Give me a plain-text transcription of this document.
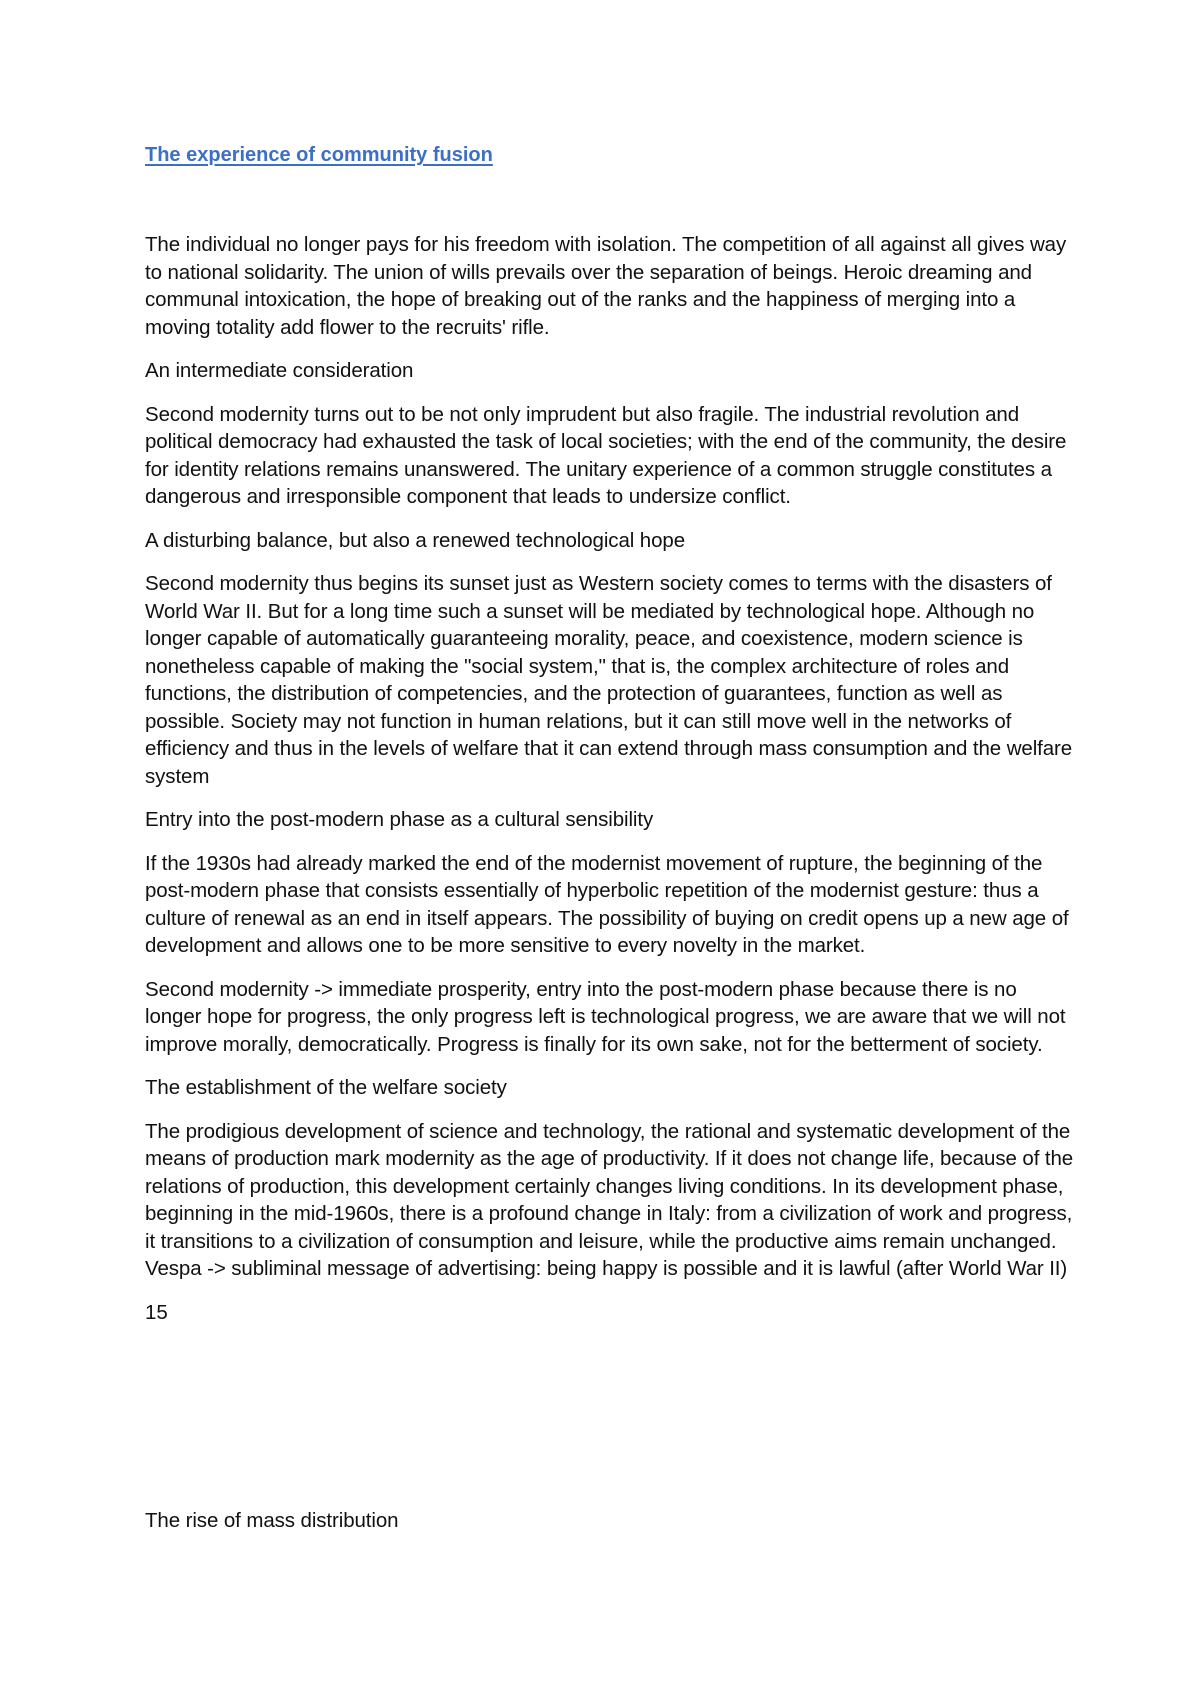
The experience of community fusion

The individual no longer pays for his freedom with isolation. The competition of all against all gives way to national solidarity. The union of wills prevails over the separation of beings. Heroic dreaming and communal intoxication, the hope of breaking out of the ranks and the happiness of merging into a moving totality add flower to the recruits' rifle.

An intermediate consideration

Second modernity turns out to be not only imprudent but also fragile. The industrial revolution and political democracy had exhausted the task of local societies; with the end of the community, the desire for identity relations remains unanswered. The unitary experience of a common struggle constitutes a dangerous and irresponsible component that leads to undersize conflict.

A disturbing balance, but also a renewed technological hope

Second modernity thus begins its sunset just as Western society comes to terms with the disasters of World War II. But for a long time such a sunset will be mediated by technological hope. Although no longer capable of automatically guaranteeing morality, peace, and coexistence, modern science is nonetheless capable of making the "social system," that is, the complex architecture of roles and functions, the distribution of competencies, and the protection of guarantees, function as well as possible. Society may not function in human relations, but it can still move well in the networks of efficiency and thus in the levels of welfare that it can extend through mass consumption and the welfare system

Entry into the post-modern phase as a cultural sensibility

If the 1930s had already marked the end of the modernist movement of rupture, the beginning of the post-modern phase that consists essentially of hyperbolic repetition of the modernist gesture: thus a culture of renewal as an end in itself appears. The possibility of buying on credit opens up a new age of development and allows one to be more sensitive to every novelty in the market.

Second modernity -> immediate prosperity, entry into the post-modern phase because there is no longer hope for progress, the only progress left is technological progress, we are aware that we will not improve morally, democratically. Progress is finally for its own sake, not for the betterment of society.

The establishment of the welfare society

The prodigious development of science and technology, the rational and systematic development of the means of production mark modernity as the age of productivity. If it does not change life, because of the relations of production, this development certainly changes living conditions. In its development phase, beginning in the mid-1960s, there is a profound change in Italy: from a civilization of work and progress, it transitions to a civilization of consumption and leisure, while the productive aims remain unchanged. Vespa -> subliminal message of advertising: being happy is possible and it is lawful (after World War II)

15

The rise of mass distribution
